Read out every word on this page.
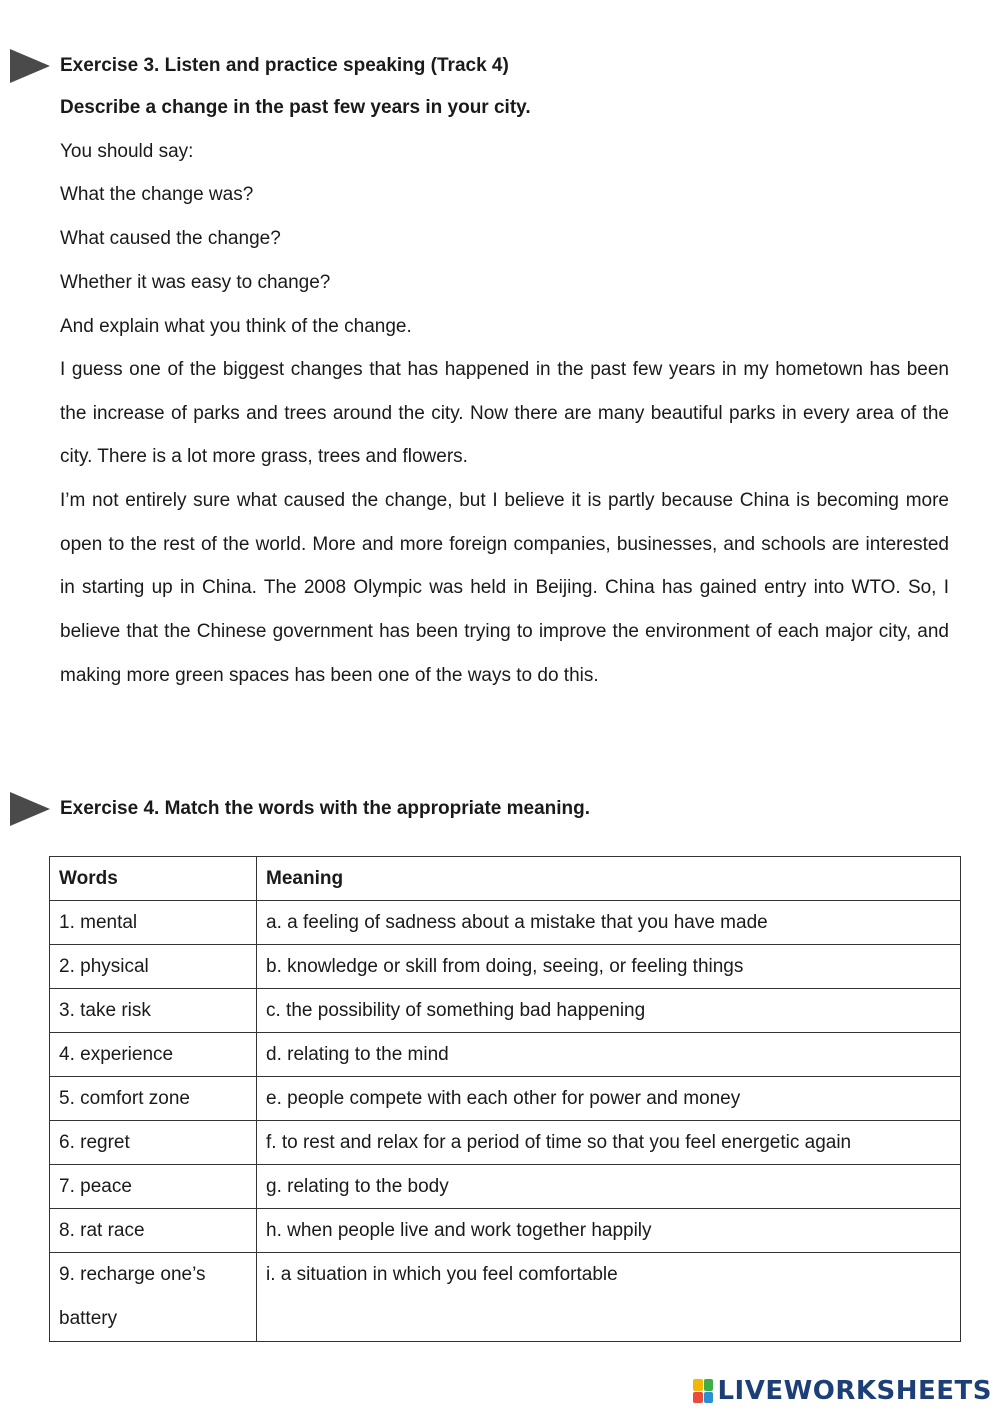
Exercise 3. Listen and practice speaking (Track 4)
Describe a change in the past few years in your city.
You should say:
What the change was?
What caused the change?
Whether it was easy to change?
And explain what you think of the change.
I guess one of the biggest changes that has happened in the past few years in my hometown has been the increase of parks and trees around the city. Now there are many beautiful parks in every area of the city. There is a lot more grass, trees and flowers.
I’m not entirely sure what caused the change, but I believe it is partly because China is becoming more open to the rest of the world. More and more foreign companies, businesses, and schools are interested in starting up in China. The 2008 Olympic was held in Beijing. China has gained entry into WTO. So, I believe that the Chinese government has been trying to improve the environment of each major city, and making more green spaces has been one of the ways to do this.
Exercise 4. Match the words with the appropriate meaning.
Words	Meaning
1. mental	a. a feeling of sadness about a mistake that you have made
2. physical	b. knowledge or skill from doing, seeing, or feeling things
3. take risk	c. the possibility of something bad happening
4. experience	d. relating to the mind
5. comfort zone	e. people compete with each other for power and money
6. regret	f. to rest and relax for a period of time so that you feel energetic again
7. peace	g. relating to the body
8. rat race	h. when people live and work together happily
9. recharge one’s battery	i. a situation in which you feel comfortable
LIVEWORKSHEETS
